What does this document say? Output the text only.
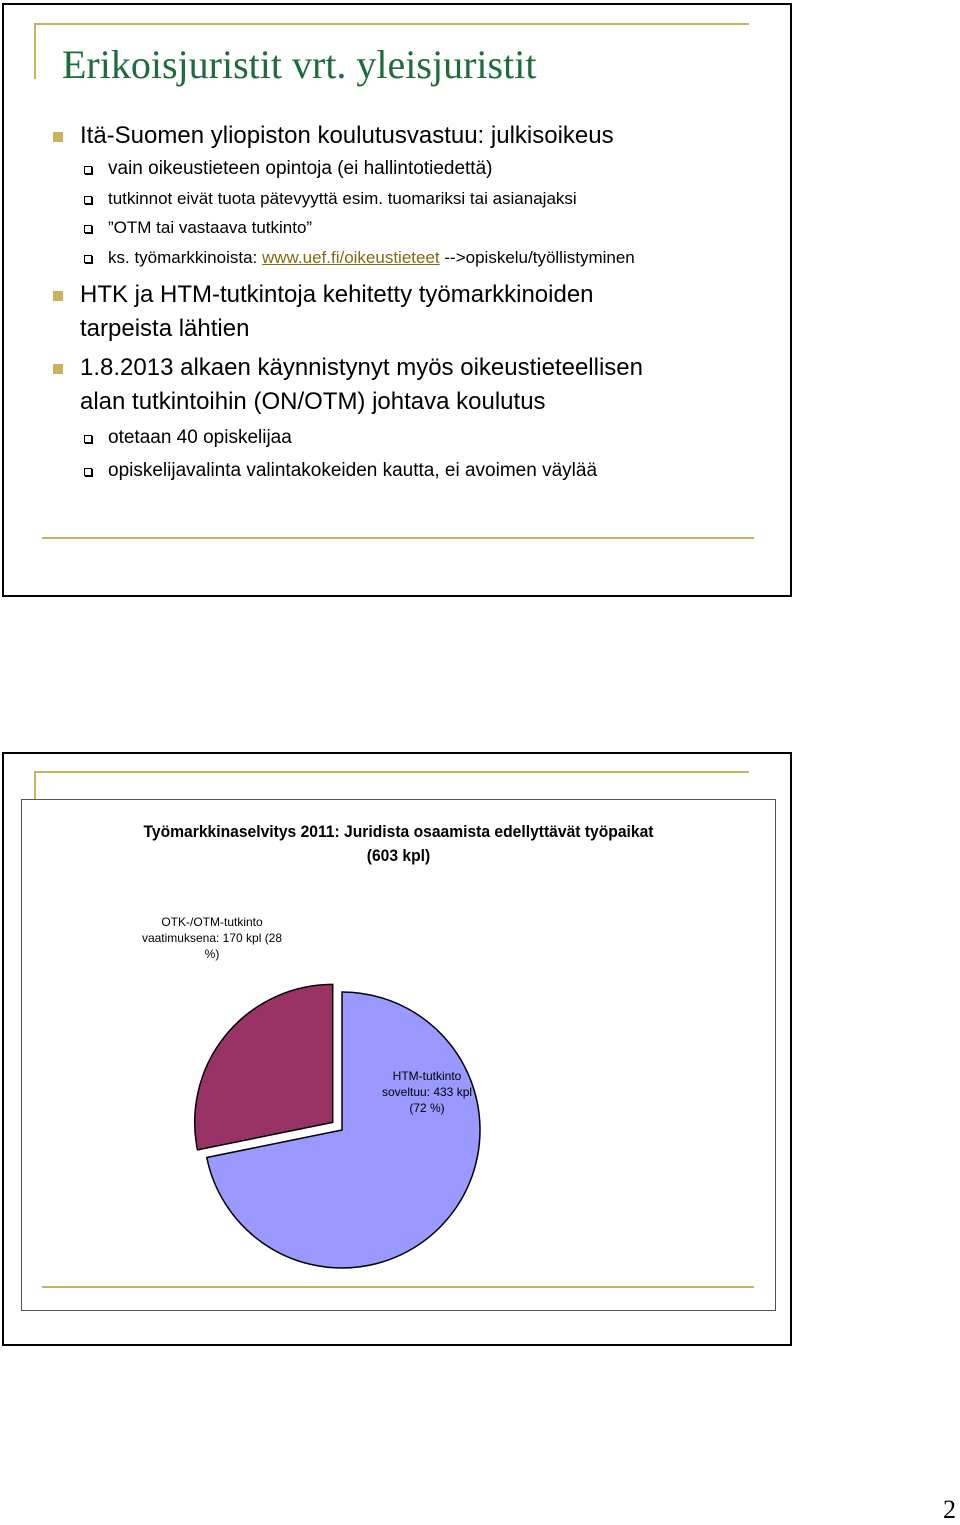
Erikoisjuristit vrt. yleisjuristit
Itä-Suomen yliopiston koulutusvastuu: julkisoikeus
vain oikeustieteen opintoja (ei hallintotiedettä)
tutkinnot eivät tuota pätevyyttä esim. tuomariksi tai asianajaksi
”OTM tai vastaava tutkinto”
ks. työmarkkinoista: www.uef.fi/oikeustieteet -->opiskelu/työllistyminen
HTK ja HTM-tutkintoja kehitetty työmarkkinoiden
tarpeista lähtien
1.8.2013 alkaen käynnistynyt myös oikeustieteellisen
alan tutkintoihin (ON/OTM) johtava koulutus
otetaan 40 opiskelijaa
opiskelijavalinta valintakokeiden kautta, ei avoimen väylää
Työmarkkinaselvitys 2011: Juridista osaamista edellyttävät työpaikat
(603 kpl)
OTK-/OTM-tutkinto
vaatimuksena: 170 kpl (28
%)
HTM-tutkinto
soveltuu: 433 kpl
(72 %)
2
